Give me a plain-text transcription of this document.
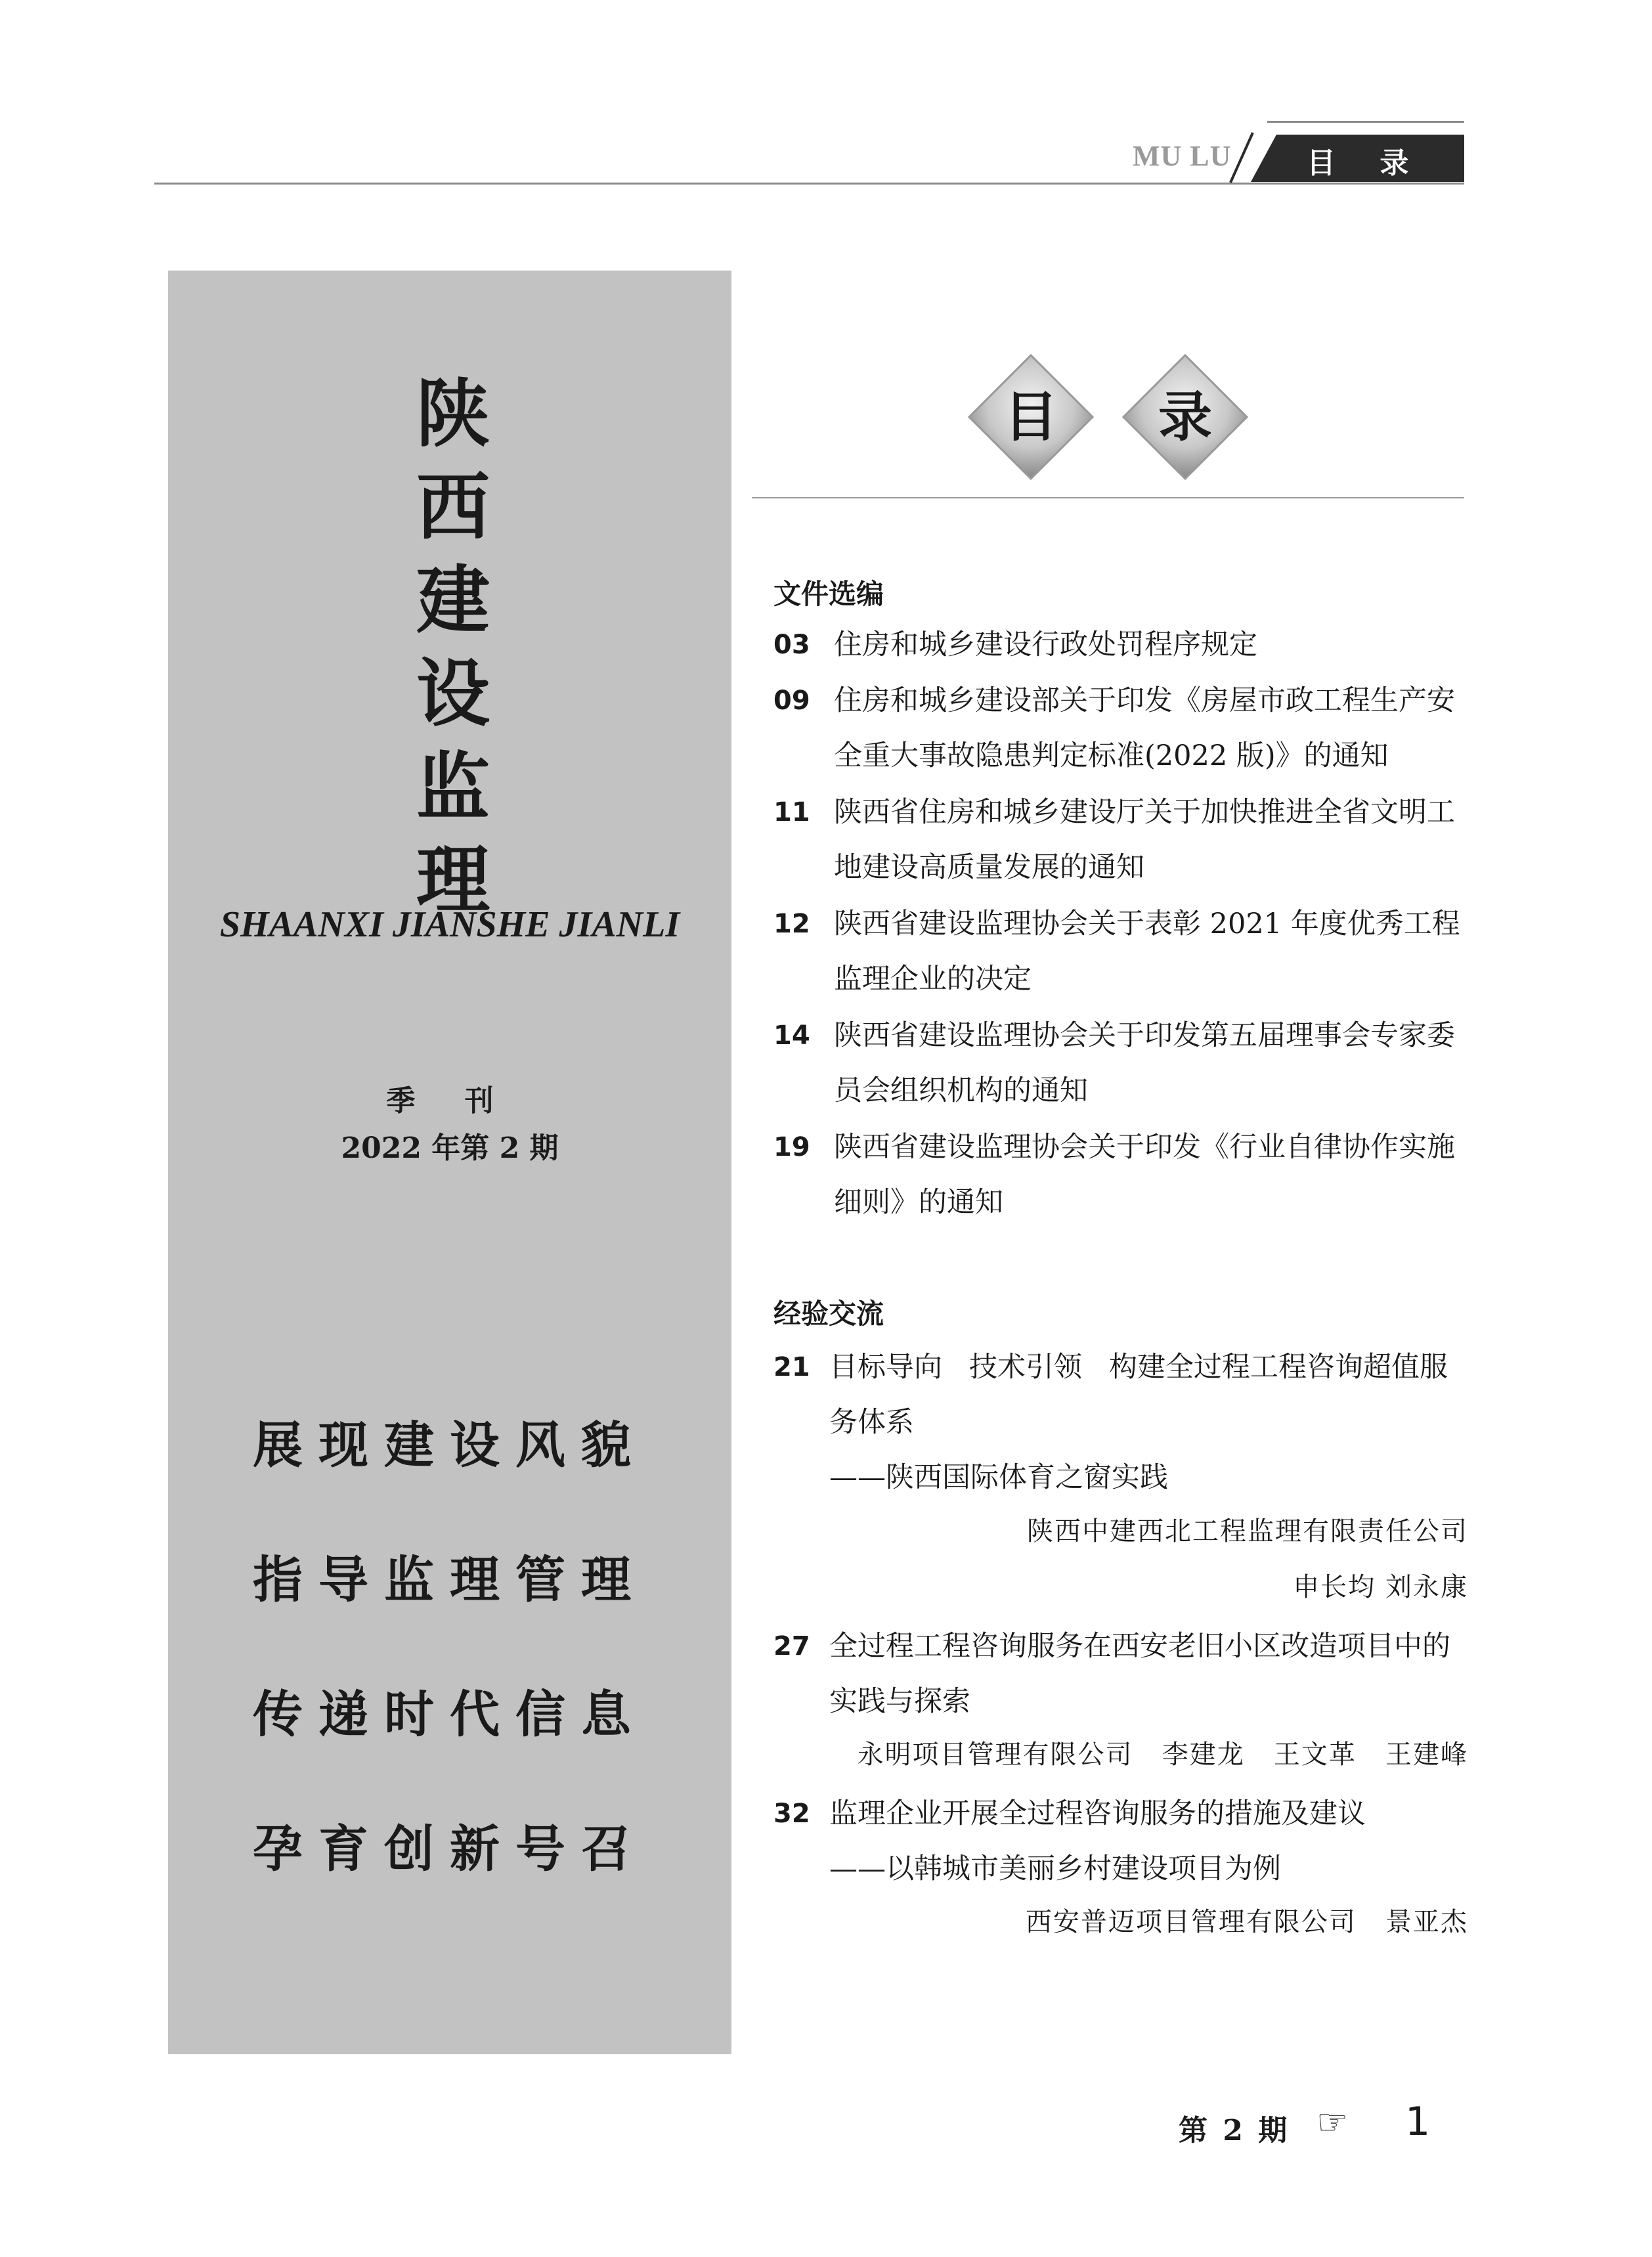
MU LU	目 录
陕
西
建
设
监
理
SHAANXI JIANSHE JIANLI
季 刊
2022 年第 2 期
展现建设风貌
指导监理管理
传递时代信息
孕育创新号召
目	录
文件选编
03 住房和城乡建设行政处罚程序规定
09 住房和城乡建设部关于印发《房屋市政工程生产安
全重大事故隐患判定标准(2022 版)》的通知
11 陕西省住房和城乡建设厅关于加快推进全省文明工
地建设高质量发展的通知
12 陕西省建设监理协会关于表彰 2021 年度优秀工程
监理企业的决定
14 陕西省建设监理协会关于印发第五届理事会专家委
员会组织机构的通知
19 陕西省建设监理协会关于印发《行业自律协作实施
细则》的通知
经验交流
21 目标导向   技术引领   构建全过程工程咨询超值服
务体系
——陕西国际体育之窗实践
陕西中建西北工程监理有限责任公司
申长均 刘永康
27 全过程工程咨询服务在西安老旧小区改造项目中的
实践与探索
永明项目管理有限公司   李建龙   王文革   王建峰
32 监理企业开展全过程咨询服务的措施及建议
——以韩城市美丽乡村建设项目为例
西安普迈项目管理有限公司   景亚杰
第 2 期 ☞ 1
